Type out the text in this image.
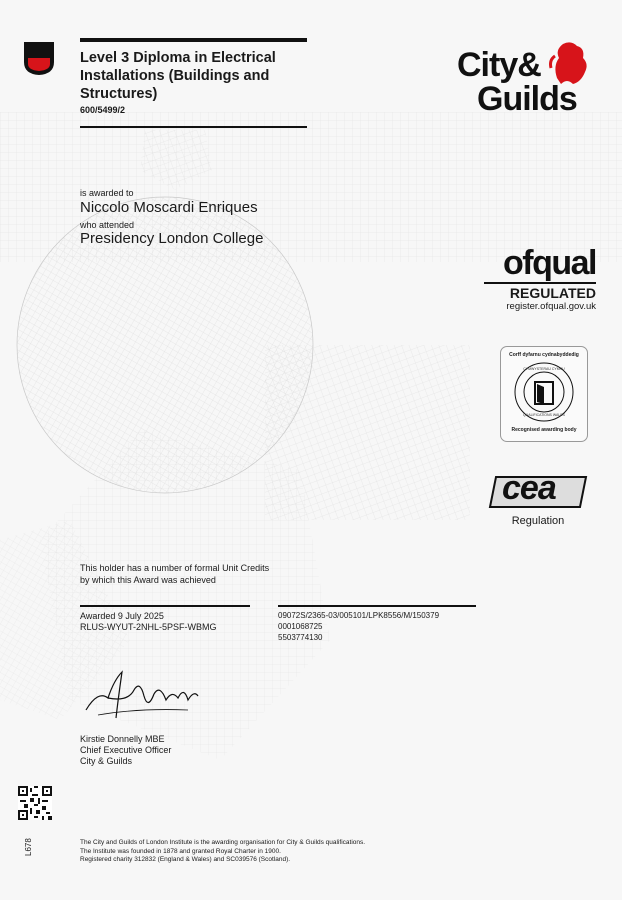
Level 3 Diploma in Electrical Installations (Buildings and Structures)
600/5499/2
City&
Guilds
is awarded to
Niccolo Moscardi Enriques
who attended
Presidency London College
ofqual
REGULATED
register.ofqual.gov.uk
Corff dyfarnu cydnabyddedig
CYMWYSTERAU CYMRU
QUALIFICATIONS WALES
Recognised awarding body
cea
Regulation
This holder has a number of formal Unit Credits by which this Award was achieved
Awarded 9 July 2025
RLUS-WYUT-2NHL-5PSF-WBMG
09072S/2365-03/005101/LPK8556/M/150379
0001068725
5503774130
Kirstie Donnelly MBE
Chief Executive Officer
City & Guilds
L678	The City and Guilds of London Institute is the awarding organisation for City & Guilds qualifications.
The Institute was founded in 1878 and granted Royal Charter in 1900.
Registered charity 312832 (England & Wales) and SC039576 (Scotland).
